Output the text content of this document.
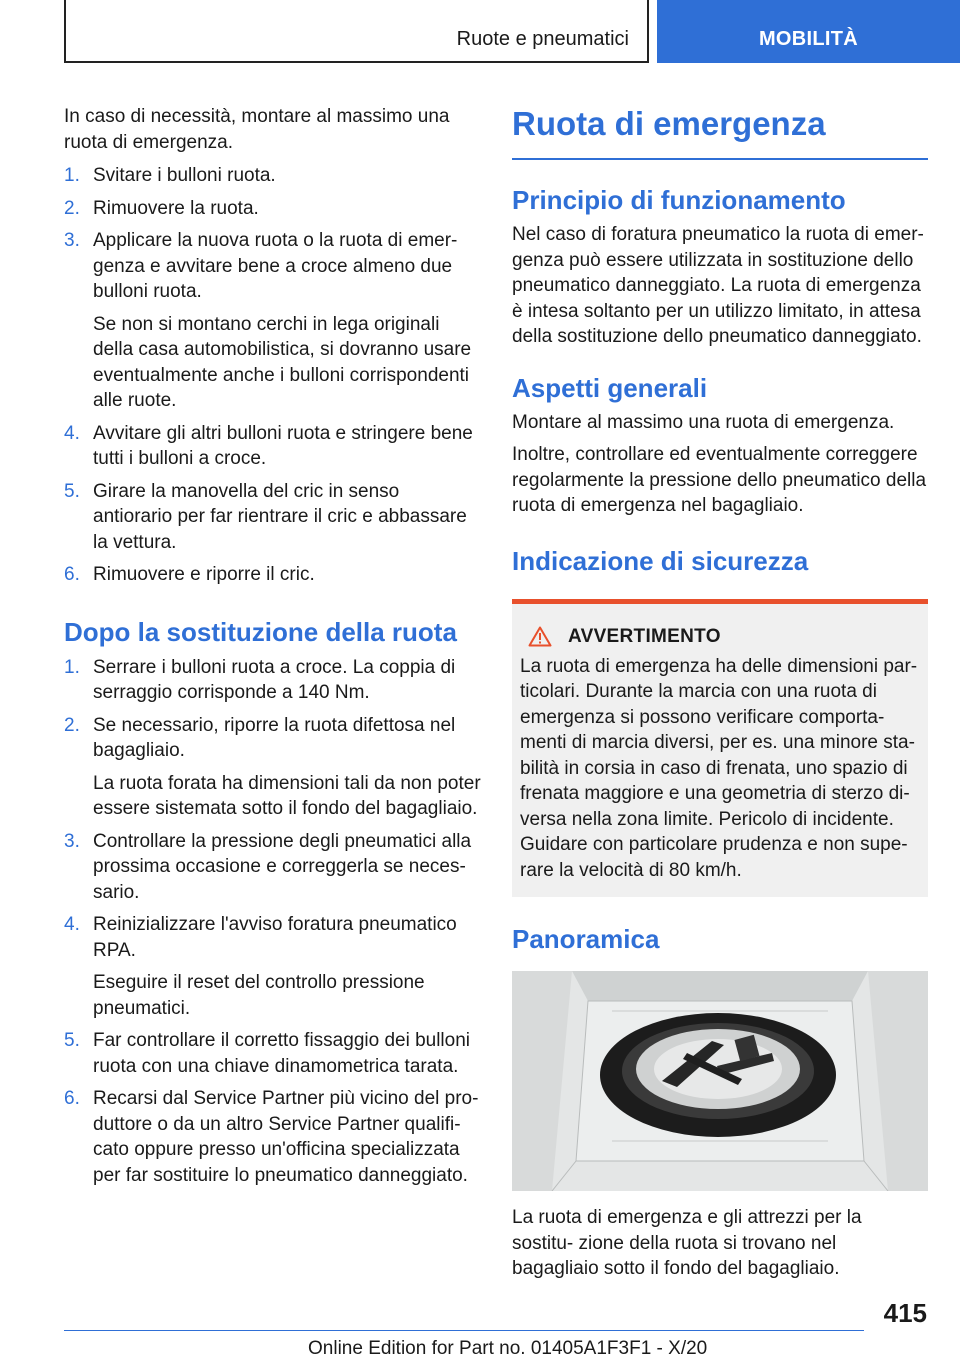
Ruote e pneumatici	MOBILITÀ

In caso di necessità, montare al massimo una ruota di emergenza.

1. Svitare i bulloni ruota.
2. Rimuovere la ruota.
3. Applicare la nuova ruota o la ruota di emer‐ genza e avvitare bene a croce almeno due bulloni ruota.
Se non si montano cerchi in lega originali della casa automobilistica, si dovranno usare eventualmente anche i bulloni corrispondenti alle ruote.
4. Avvitare gli altri bulloni ruota e stringere bene tutti i bulloni a croce.
5. Girare la manovella del cric in senso antiorario per far rientrare il cric e abbassare la vettura.
6. Rimuovere e riporre il cric.
Dopo la sostituzione della ruota
1. Serrare i bulloni ruota a croce. La coppia di serraggio corrisponde a 140 Nm.
2. Se necessario, riporre la ruota difettosa nel bagagliaio.
La ruota forata ha dimensioni tali da non poter essere sistemata sotto il fondo del bagagliaio.
3. Controllare la pressione degli pneumatici alla prossima occasione e correggerla se neces‐ sario.
4. Reinizializzare l'avviso foratura pneumatico RPA.
Eseguire il reset del controllo pressione pneumatici.
5. Far controllare il corretto fissaggio dei bulloni ruota con una chiave dinamometrica tarata.
6. Recarsi dal Service Partner più vicino del pro‐ duttore o da un altro Service Partner qualifi‐ cato oppure presso un'officina specializzata per far sostituire lo pneumatico danneggiato.
Ruota di emergenza
Principio di funzionamento

Nel caso di foratura pneumatico la ruota di emer‐ genza può essere utilizzata in sostituzione dello pneumatico danneggiato. La ruota di emergenza è intesa soltanto per un utilizzo limitato, in attesa della sostituzione dello pneumatico danneggiato.

Aspetti generali

Montare al massimo una ruota di emergenza.

Inoltre, controllare ed eventualmente correggere regolarmente la pressione dello pneumatico della ruota di emergenza nel bagagliaio.

Indicazione di sicurezza
AVVERTIMENTO
La ruota di emergenza ha delle dimensioni par‐ ticolari. Durante la marcia con una ruota di emergenza si possono verificare comporta‐ menti di marcia diversi, per es. una minore sta‐ bilità in corsia in caso di frenata, uno spazio di frenata maggiore e una geometria di sterzo di‐ versa nella zona limite. Pericolo di incidente. Guidare con particolare prudenza e non supe‐ rare la velocità di 80 km/h.
Panoramica

La ruota di emergenza e gli attrezzi per la sostitu‐ zione della ruota si trovano nel bagagliaio sotto il fondo del bagagliaio.

415
Online Edition for Part no. 01405A1F3F1 - X/20
